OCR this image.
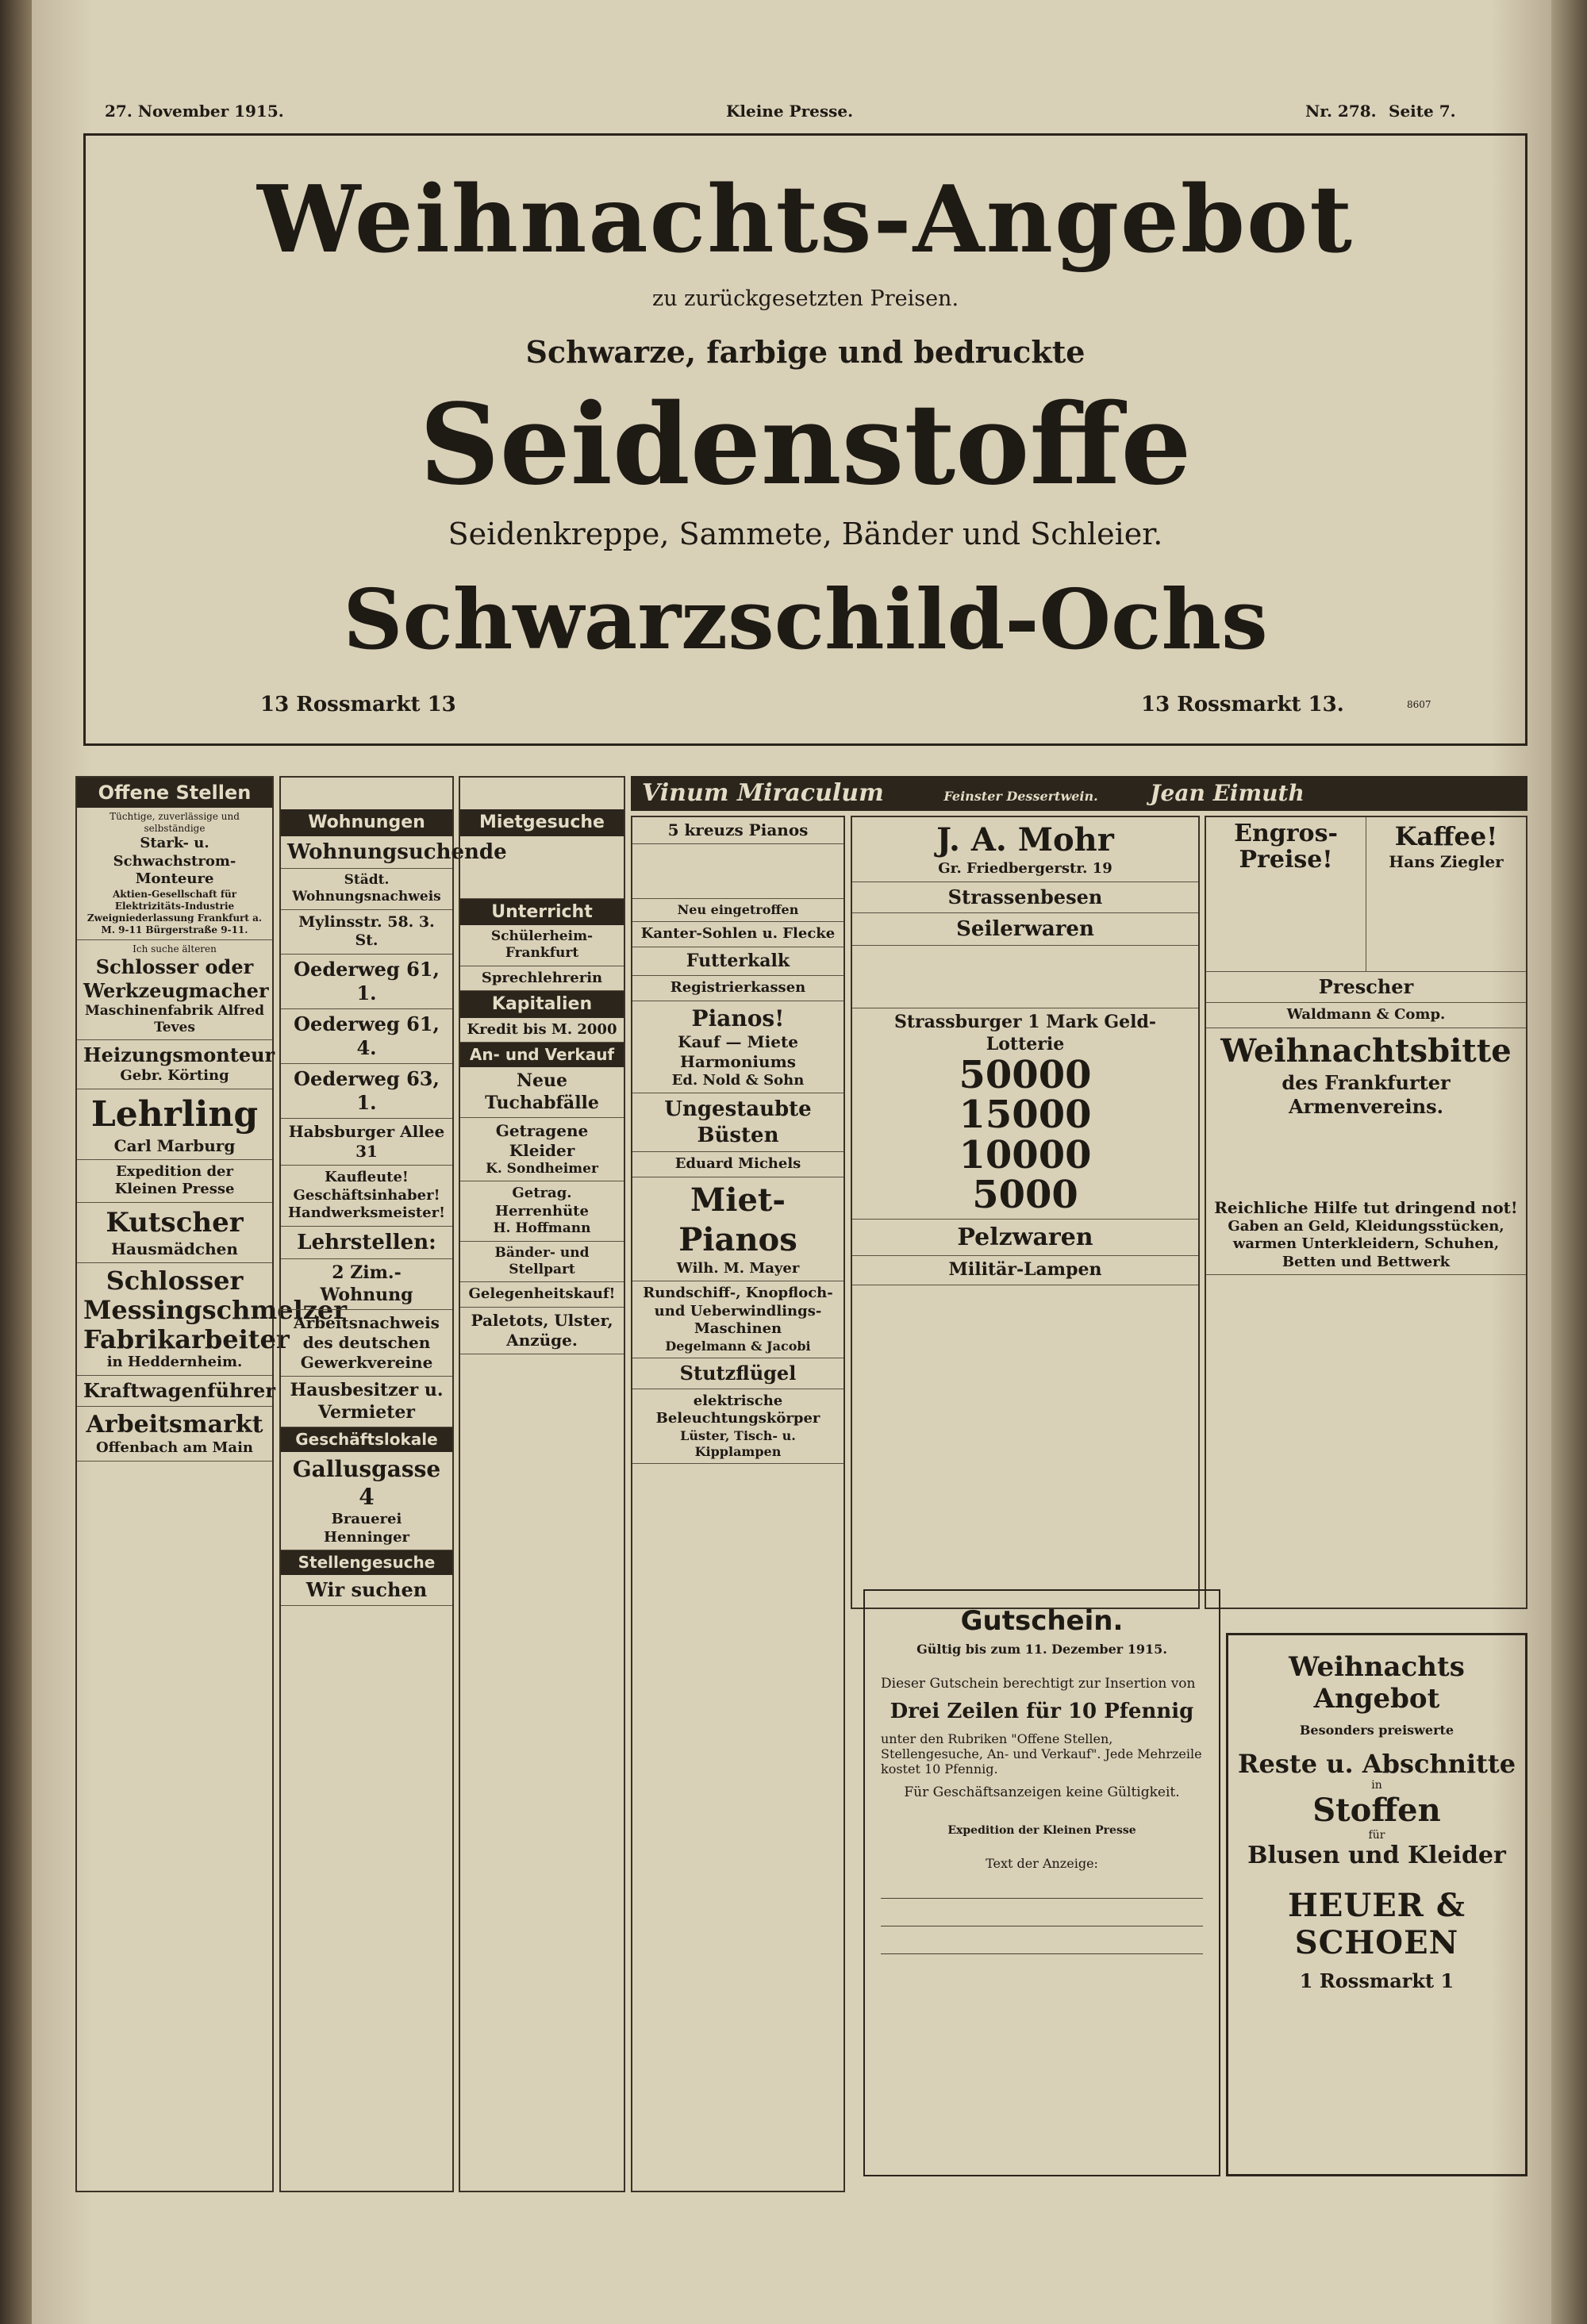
27. November 1915.	Kleine Presse.	Nr. 278. Seite 7.
Weihnachts-Angebot
zu zurückgesetzten Preisen.
Schwarze, farbige und bedruckte
Seidenstoffe
Seidenkreppe, Sammete, Bänder und Schleier.
Schwarzschild-Ochs
13 Rossmarkt 13	13 Rossmarkt 13.	8607
Offene Stellen
Tüchtige, zuverlässige und selbständige
Stark- u. Schwachstrom-Monteure
Aktien-Gesellschaft für Elektrizitäts-Industrie
Zweigniederlassung Frankfurt a. M. 9-11 Bürgerstraße 9-11.
Ich suche älteren
Schlosser oder Werkzeugmacher
Maschinenfabrik Alfred Teves
Heizungsmonteur
Gebr. Körting
Lehrling
Carl Marburg
Expedition der Kleinen Presse
Kutscher
Hausmädchen
Schlosser Messingschmelzer Fabrikarbeiter
in Heddernheim.
Kraftwagenführer
Arbeitsmarkt
Offenbach am Main
Wohnungen
Wohnungsuchende
Städt. Wohnungsnachweis
Mylinsstr. 58. 3. St.
Oederweg 61, 1.
Oederweg 61, 4.
Oederweg 63, 1.
Habsburger Allee 31
Kaufleute! Geschäftsinhaber! Handwerksmeister!
Lehrstellen:
2 Zim.-Wohnung
Arbeitsnachweis des deutschen Gewerkvereine
Hausbesitzer u. Vermieter
Geschäftslokale
Gallusgasse 4
Brauerei Henninger
Stellengesuche
Wir suchen
Mietgesuche
Unterricht
Schülerheim-Frankfurt
Sprechlehrerin
Kapitalien
Kredit bis M. 2000
An- und Verkauf
Neue Tuchabfälle
Getragene Kleider
K. Sondheimer
Getrag. Herrenhüte
H. Hoffmann
Bänder- und Stellpart
Gelegenheitskauf!
Paletots, Ulster, Anzüge.
Vinum Miraculum	Feinster Dessertwein. Jean Eimuth
5 kreuzs Pianos
Neu eingetroffen
Kanter-Sohlen u. Flecke
Futterkalk
Registrierkassen
Pianos!
Kauf — Miete
Harmoniums
Ed. Nold & Sohn
Ungestaubte Büsten
Eduard Michels
Miet-Pianos
Wilh. M. Mayer
Rundschiff-, Knopfloch- und Ueberwindlings-Maschinen
Degelmann & Jacobi
Stutzflügel
elektrische Beleuchtungskörper
Lüster, Tisch- u. Kipplampen
J. A. Mohr
Gr. Friedbergerstr. 19
Strassenbesen
Seilerwaren
Strassburger 1 Mark Geld-Lotterie
50000
15000
10000
5000
Pelzwaren
Militär-Lampen
Engros-Preise!
Kaffee!
Hans Ziegler
Prescher
Waldmann & Comp.
Weihnachtsbitte
des Frankfurter Armenvereins.
Reichliche Hilfe tut dringend not!
Gaben an Geld, Kleidungsstücken, warmen Unterkleidern, Schuhen, Betten und Bettwerk
Gutschein.
Gültig bis zum 11. Dezember 1915.
Dieser Gutschein berechtigt zur Insertion von
Drei Zeilen für 10 Pfennig
unter den Rubriken "Offene Stellen, Stellengesuche, An- und Verkauf". Jede Mehrzeile kostet 10 Pfennig.
Für Geschäftsanzeigen keine Gültigkeit.
Expedition der Kleinen Presse
Text der Anzeige:
Weihnachts Angebot
Besonders preiswerte
Reste u. Abschnitte
in
Stoffen
für
Blusen und Kleider
HEUER & SCHOEN
1 Rossmarkt 1
